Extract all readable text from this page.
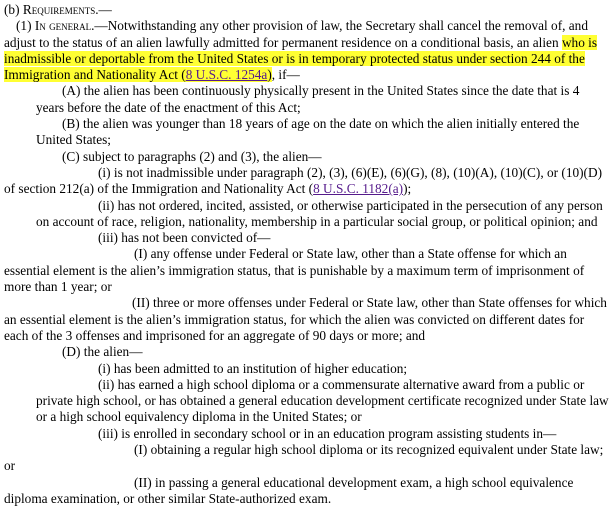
(b) Requirements.—

(1) In general.—Notwithstanding any other provision of law, the Secretary shall cancel the removal of, and adjust to the status of an alien lawfully admitted for permanent residence on a conditional basis, an alien who is inadmissible or deportable from the United States or is in temporary protected status under section 244 of the Immigration and Nationality Act (8 U.S.C. 1254a), if—

(A) the alien has been continuously physically present in the United States since the date that is 4 years before the date of the enactment of this Act;

(B) the alien was younger than 18 years of age on the date on which the alien initially entered the United States;

(C) subject to paragraphs (2) and (3), the alien—

(i) is not inadmissible under paragraph (2), (3), (6)(E), (6)(G), (8), (10)(A), (10)(C), or (10)(D) of section 212(a) of the Immigration and Nationality Act (8 U.S.C. 1182(a));

(ii) has not ordered, incited, assisted, or otherwise participated in the persecution of any person on account of race, religion, nationality, membership in a particular social group, or political opinion; and

(iii) has not been convicted of—

(I) any offense under Federal or State law, other than a State offense for which an essential element is the alien’s immigration status, that is punishable by a maximum term of imprisonment of more than 1 year; or

(II) three or more offenses under Federal or State law, other than State offenses for which an essential element is the alien’s immigration status, for which the alien was convicted on different dates for each of the 3 offenses and imprisoned for an aggregate of 90 days or more; and

(D) the alien—

(i) has been admitted to an institution of higher education;

(ii) has earned a high school diploma or a commensurate alternative award from a public or private high school, or has obtained a general education development certificate recognized under State law or a high school equivalency diploma in the United States; or

(iii) is enrolled in secondary school or in an education program assisting students in—

(I) obtaining a regular high school diploma or its recognized equivalent under State law; or

(II) in passing a general educational development exam, a high school equivalence diploma examination, or other similar State-authorized exam.
